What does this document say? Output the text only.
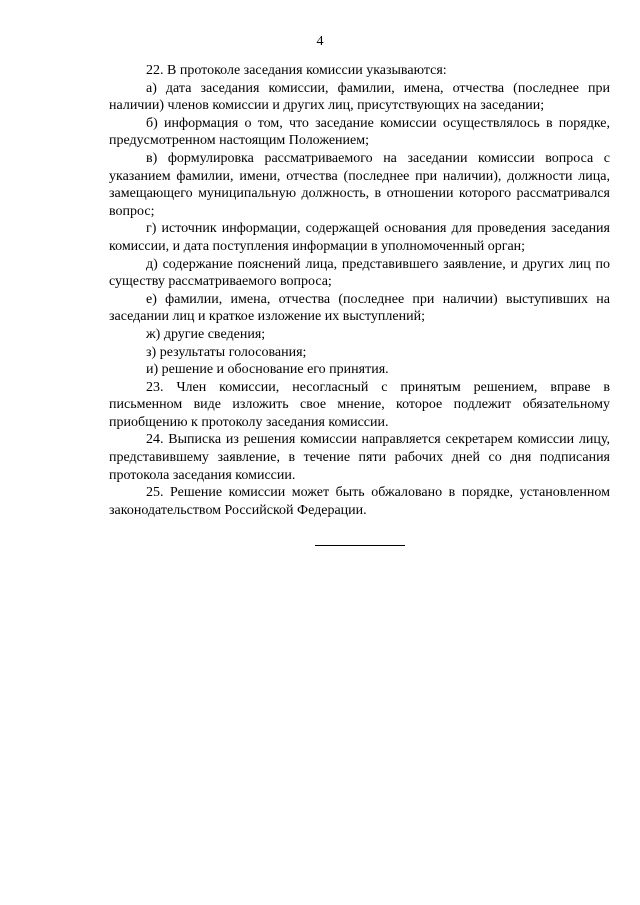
4

22. В протоколе заседания комиссии указываются:

а) дата заседания комиссии, фамилии, имена, отчества (последнее при наличии) членов комиссии и других лиц, присутствующих на заседании;

б) информация о том, что заседание комиссии осуществлялось в порядке, предусмотренном настоящим Положением;

в) формулировка рассматриваемого на заседании комиссии вопроса с указанием фамилии, имени, отчества (последнее при наличии), должности лица, замещающего муниципальную должность, в отношении которого рассматривался вопрос;

г) источник информации, содержащей основания для проведения заседания комиссии, и дата поступления информации в уполномоченный орган;

д) содержание пояснений лица, представившего заявление, и других лиц по существу рассматриваемого вопроса;

е) фамилии, имена, отчества (последнее при наличии) выступивших на заседании лиц и краткое изложение их выступлений;

ж) другие сведения;

з) результаты голосования;

и) решение и обоснование его принятия.

23. Член комиссии, несогласный с принятым решением, вправе в письменном виде изложить свое мнение, которое подлежит обязательному приобщению к протоколу заседания комиссии.

24. Выписка из решения комиссии направляется секретарем комиссии лицу, представившему заявление, в течение пяти рабочих дней со дня подписания протокола заседания комиссии.

25. Решение комиссии может быть обжаловано в порядке, установленном законодательством Российской Федерации.
